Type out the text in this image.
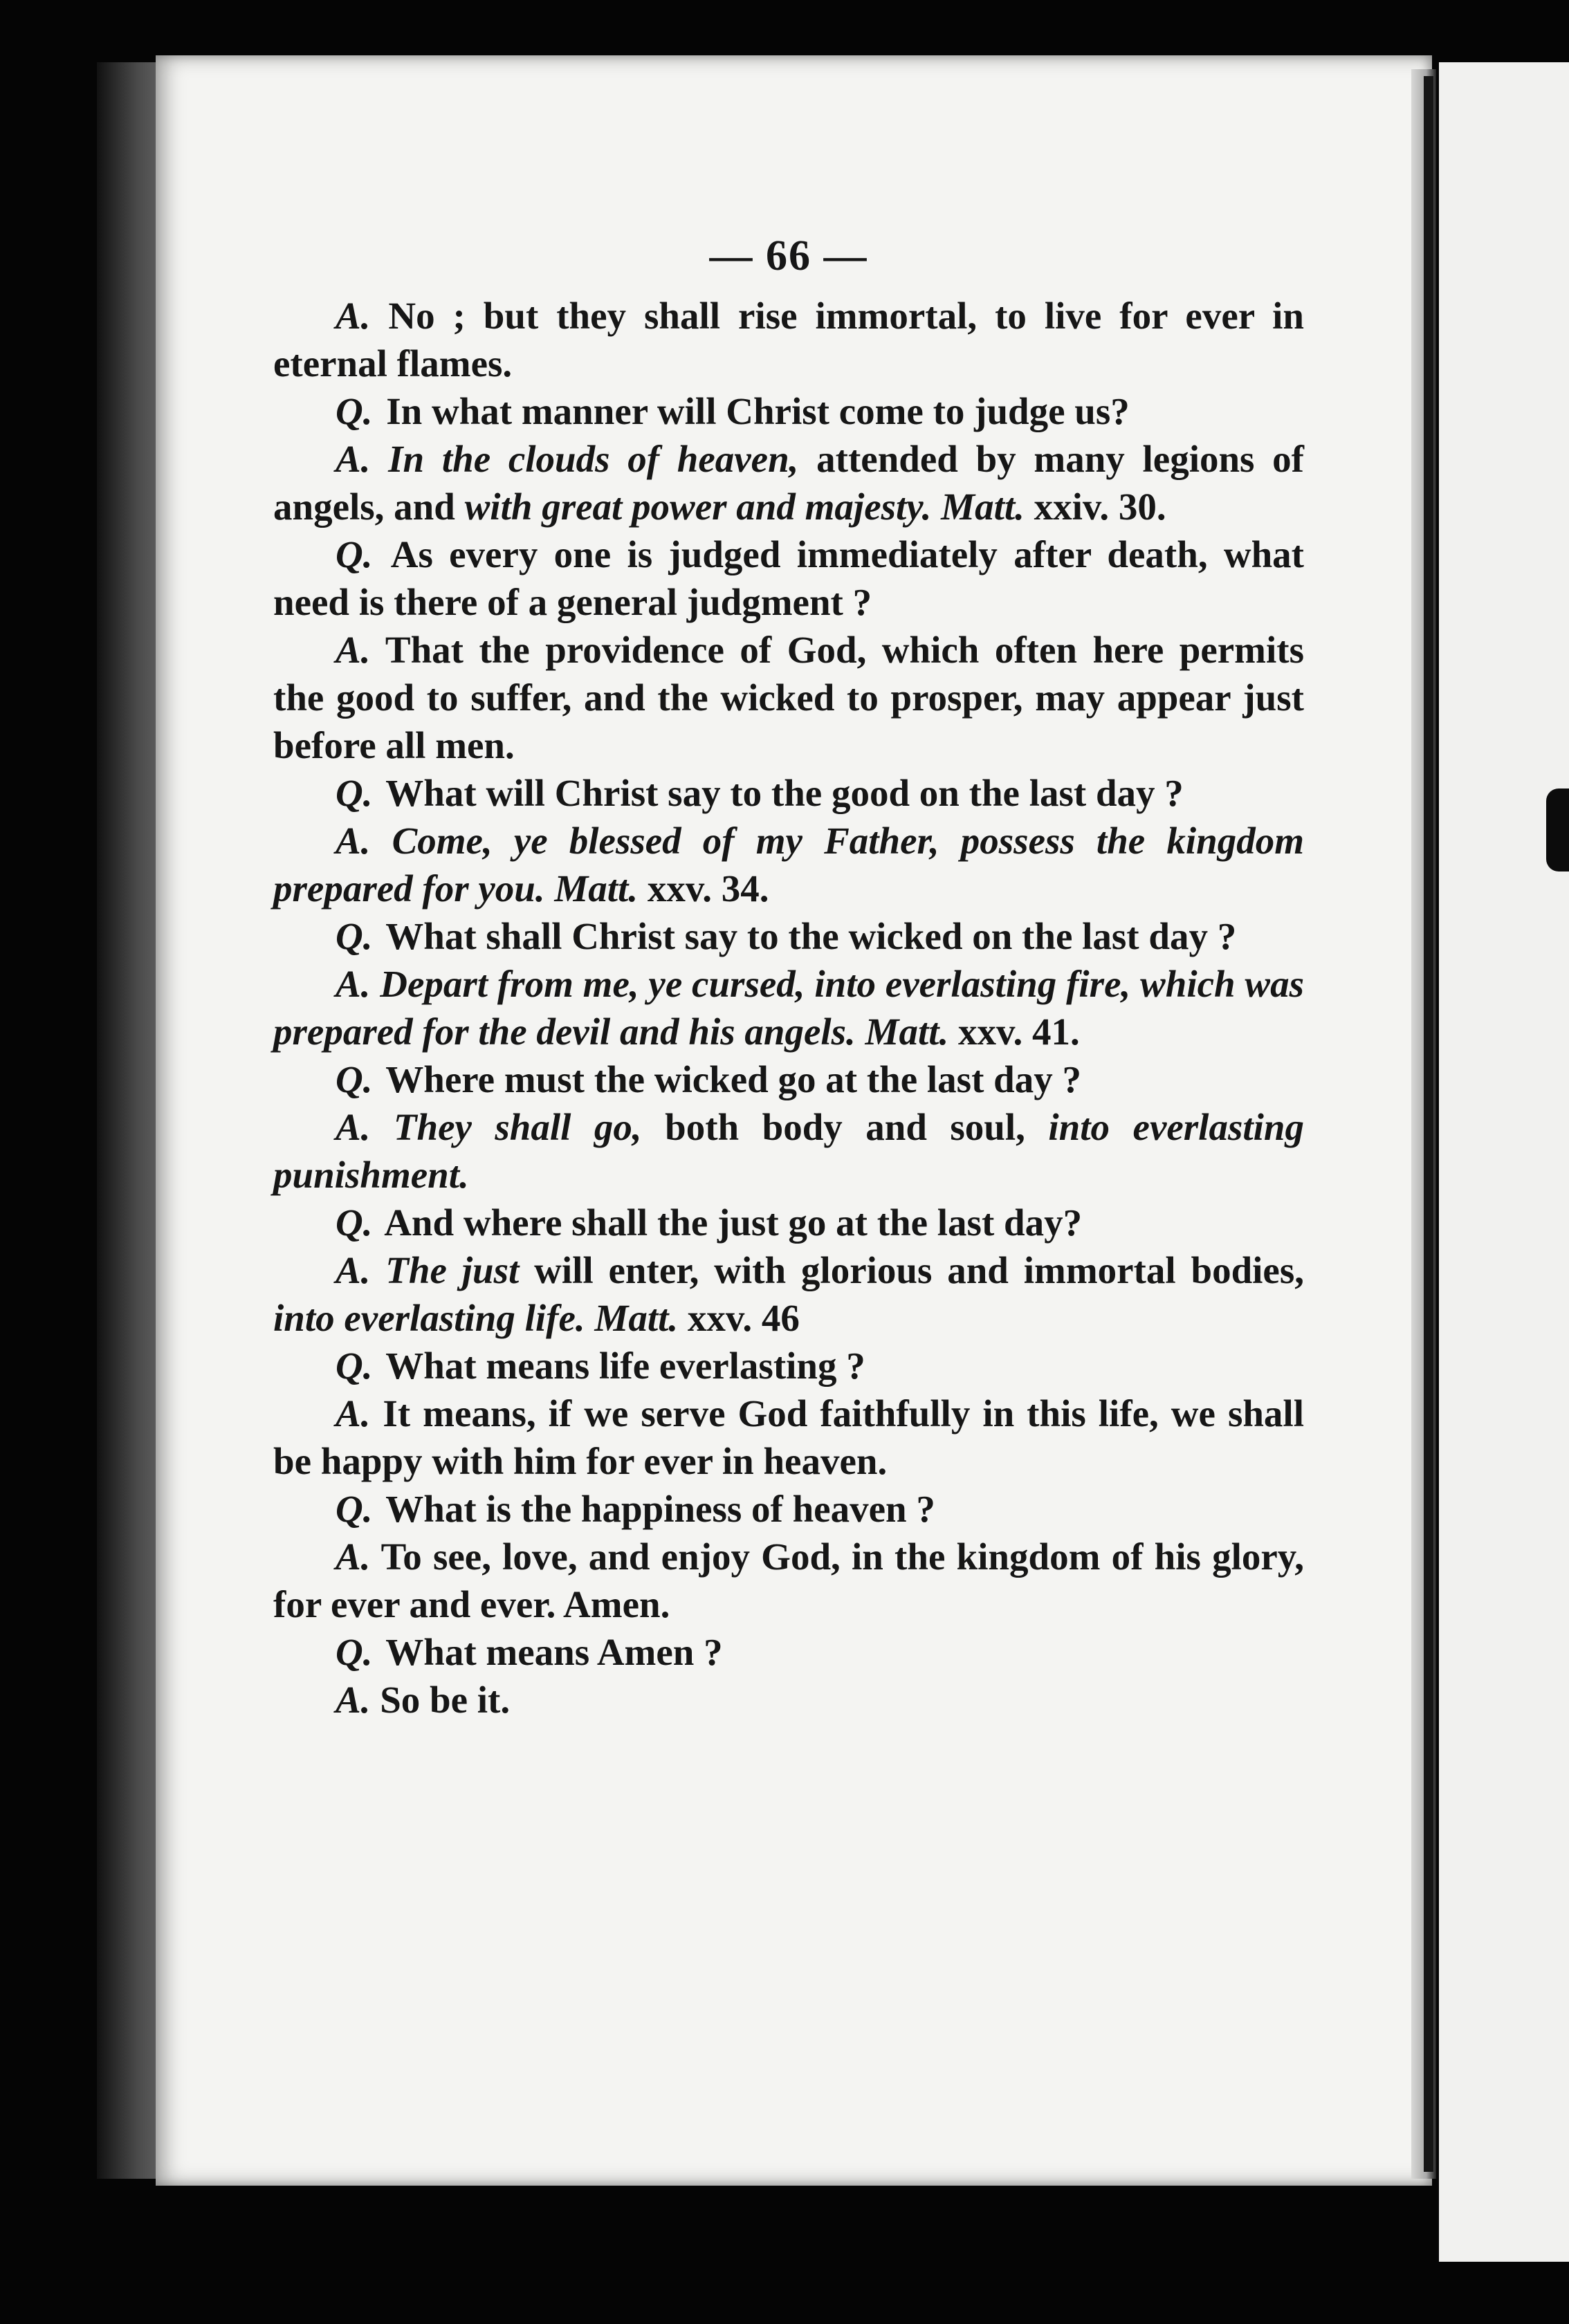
— 66 —

A. No ; but they shall rise immortal, to live for ever in eternal flames.

Q. In what manner will Christ come to judge us?

A. In the clouds of heaven, attended by many legions of angels, and with great power and majesty. Matt. xxiv. 30.

Q. As every one is judged immediately after death, what need is there of a general judgment ?

A. That the providence of God, which often here permits the good to suffer, and the wicked to prosper, may appear just before all men.

Q. What will Christ say to the good on the last day ?

A. Come, ye blessed of my Father, possess the kingdom prepared for you. Matt. xxv. 34.

Q. What shall Christ say to the wicked on the last day ?

A. Depart from me, ye cursed, into everlasting fire, which was prepared for the devil and his angels. Matt. xxv. 41.

Q. Where must the wicked go at the last day ?

A. They shall go, both body and soul, into everlasting punishment.

Q. And where shall the just go at the last day?

A. The just will enter, with glorious and immortal bodies, into everlasting life. Matt. xxv. 46

Q. What means life everlasting ?

A. It means, if we serve God faithfully in this life, we shall be happy with him for ever in heaven.

Q. What is the happiness of heaven ?

A. To see, love, and enjoy God, in the kingdom of his glory, for ever and ever. Amen.

Q. What means Amen ?

A. So be it.
